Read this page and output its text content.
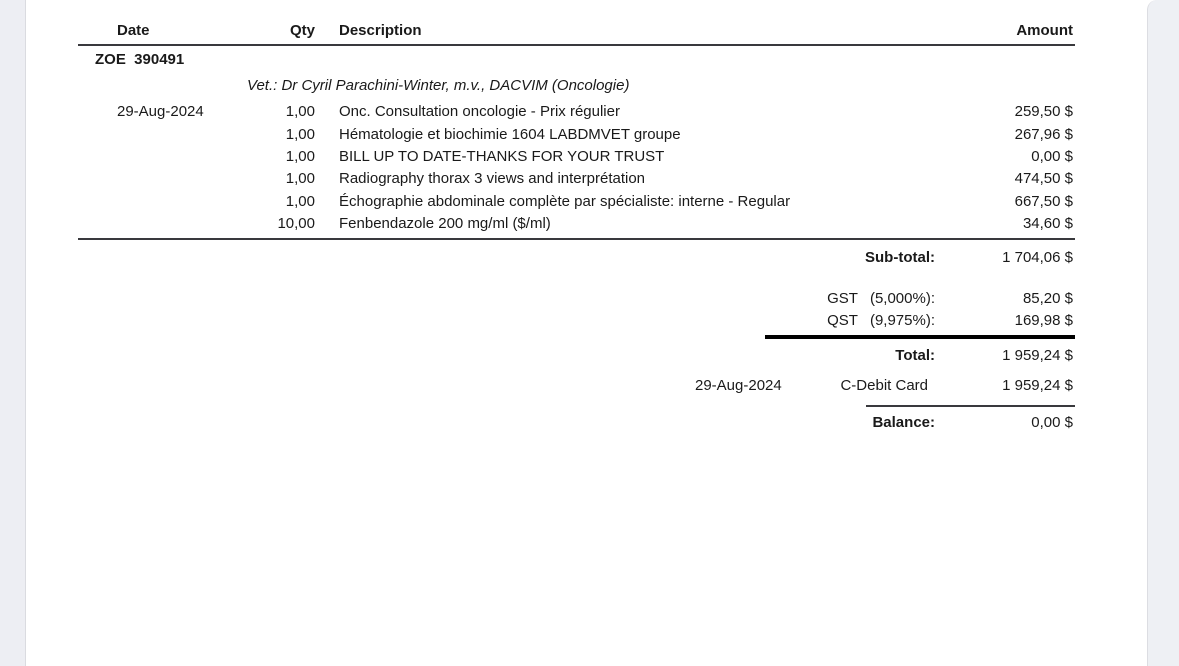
Date	Qty Description	Amount
ZOE  390491
Vet.: Dr Cyril Parachini-Winter, m.v., DACVIM (Oncologie)
29-Aug-2024	1,00 Onc. Consultation oncologie - Prix régulier	259,50 $
1,00 Hématologie et biochimie 1604 LABDMVET groupe	267,96 $
1,00 BILL UP TO DATE-THANKS FOR YOUR TRUST	0,00 $
1,00 Radiography thorax 3 views and interprétation	474,50 $
1,00 Échographie abdominale complète par spécialiste: interne - Regular	667,50 $
10,00 Fenbendazole 200 mg/ml ($/ml)	34,60 $
Sub-total:	1 704,06 $
GST (5,000%):	85,20 $
QST (9,975%):	169,98 $
Total:	1 959,24 $
29-Aug-2024	C-Debit Card	1 959,24 $
Balance:	0,00 $
